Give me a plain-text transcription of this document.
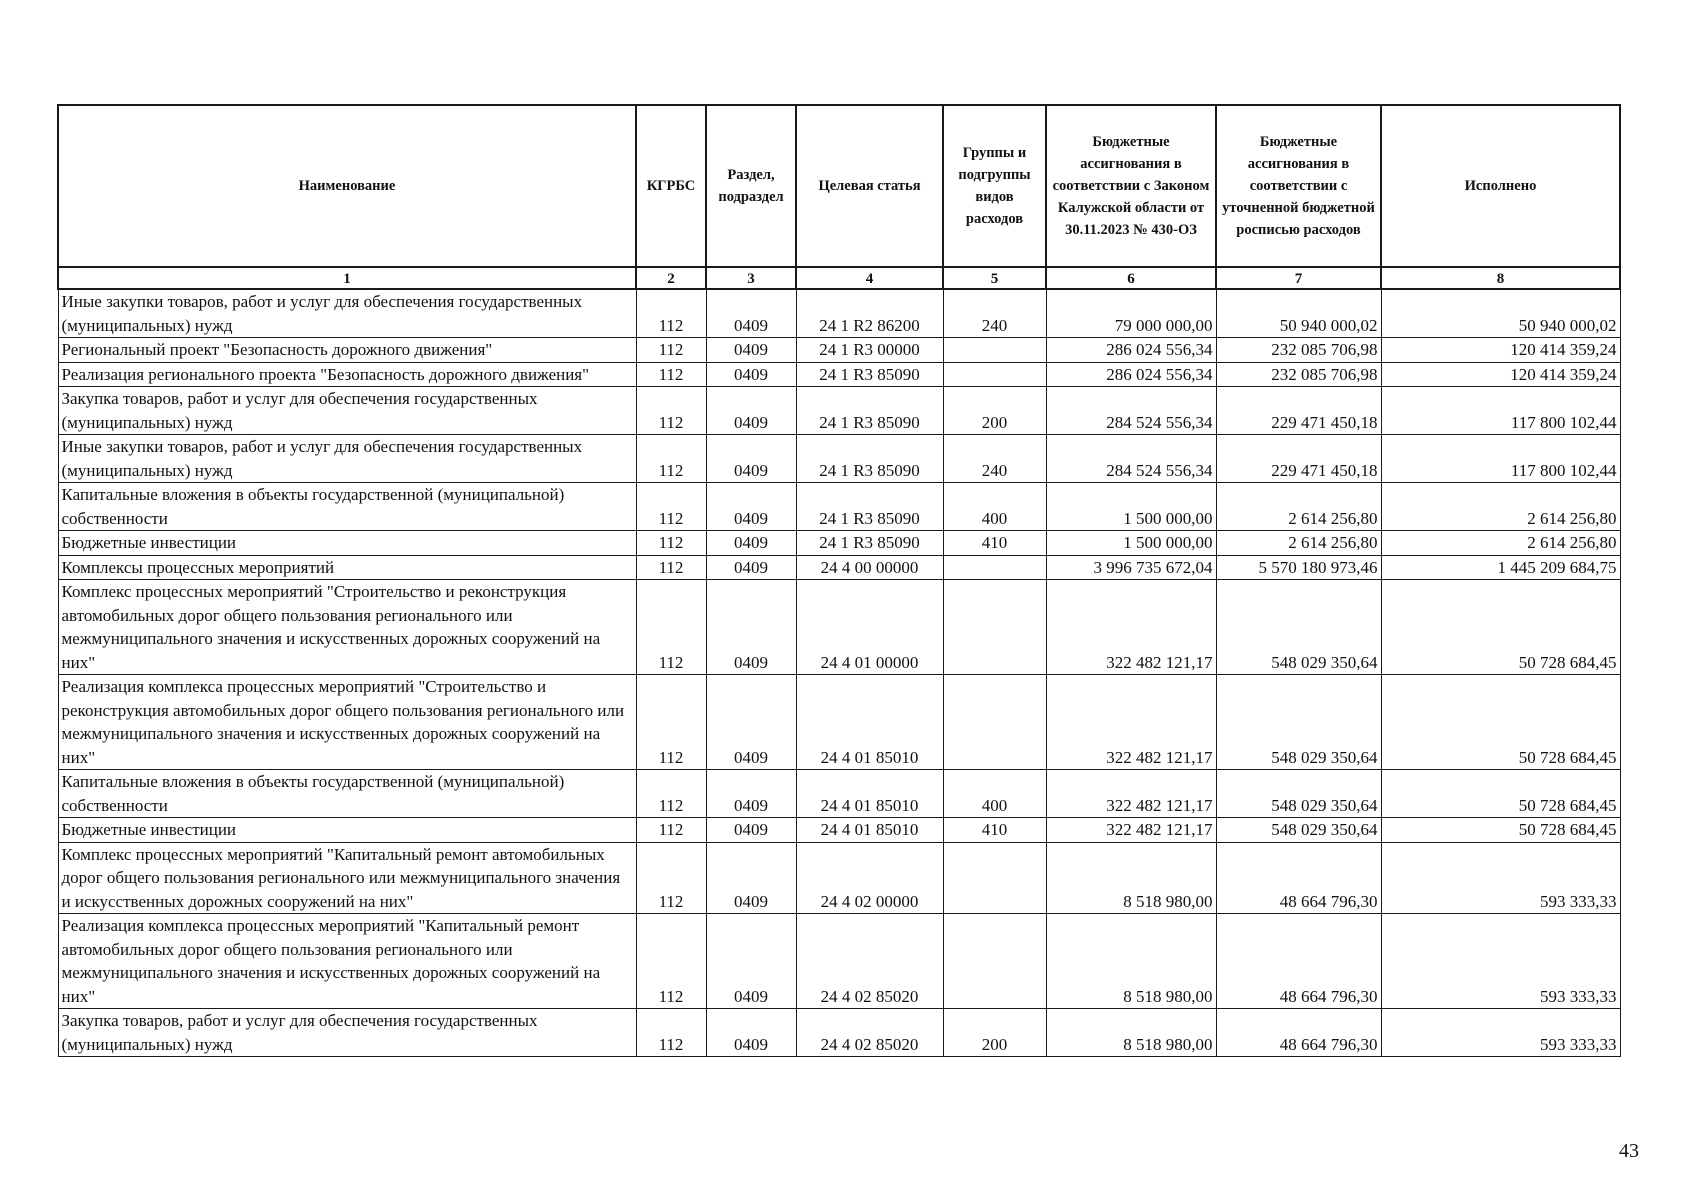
Наименование	КГРБС	Раздел, подраздел	Целевая статья	Группы и подгруппы видов расходов	Бюджетные ассигнования в соответствии с Законом Калужской области от 30.11.2023 № 430-ОЗ	Бюджетные ассигнования в соответствии с уточненной бюджетной росписью расходов	Исполнено
1	2	3	4	5	6	7	8
Иные закупки товаров, работ и услуг для обеспечения государственных (муниципальных) нужд	112	0409	24 1 R2 86200	240	79 000 000,00	50 940 000,02	50 940 000,02
Региональный проект "Безопасность дорожного движения"	112	0409	24 1 R3 00000		286 024 556,34	232 085 706,98	120 414 359,24
Реализация регионального проекта "Безопасность дорожного движения"	112	0409	24 1 R3 85090		286 024 556,34	232 085 706,98	120 414 359,24
Закупка товаров, работ и услуг для обеспечения государственных (муниципальных) нужд	112	0409	24 1 R3 85090	200	284 524 556,34	229 471 450,18	117 800 102,44
Иные закупки товаров, работ и услуг для обеспечения государственных (муниципальных) нужд	112	0409	24 1 R3 85090	240	284 524 556,34	229 471 450,18	117 800 102,44
Капитальные вложения в объекты государственной (муниципальной) собственности	112	0409	24 1 R3 85090	400	1 500 000,00	2 614 256,80	2 614 256,80
Бюджетные инвестиции	112	0409	24 1 R3 85090	410	1 500 000,00	2 614 256,80	2 614 256,80
Комплексы процессных мероприятий	112	0409	24 4 00 00000		3 996 735 672,04	5 570 180 973,46	1 445 209 684,75
Комплекс процессных мероприятий "Строительство и реконструкция автомобильных дорог общего пользования регионального или межмуниципального значения и искусственных дорожных сооружений на них"	112	0409	24 4 01 00000		322 482 121,17	548 029 350,64	50 728 684,45
Реализация комплекса процессных мероприятий "Строительство и реконструкция автомобильных дорог общего пользования регионального или межмуниципального значения и искусственных дорожных сооружений на них"	112	0409	24 4 01 85010		322 482 121,17	548 029 350,64	50 728 684,45
Капитальные вложения в объекты государственной (муниципальной) собственности	112	0409	24 4 01 85010	400	322 482 121,17	548 029 350,64	50 728 684,45
Бюджетные инвестиции	112	0409	24 4 01 85010	410	322 482 121,17	548 029 350,64	50 728 684,45
Комплекс процессных мероприятий "Капитальный ремонт автомобильных дорог общего пользования регионального или межмуниципального значения и искусственных дорожных сооружений на них"	112	0409	24 4 02 00000		8 518 980,00	48 664 796,30	593 333,33
Реализация комплекса процессных мероприятий "Капитальный ремонт автомобильных дорог общего пользования регионального или межмуниципального значения и искусственных дорожных сооружений на них"	112	0409	24 4 02 85020		8 518 980,00	48 664 796,30	593 333,33
Закупка товаров, работ и услуг для обеспечения государственных (муниципальных) нужд	112	0409	24 4 02 85020	200	8 518 980,00	48 664 796,30	593 333,33
43
